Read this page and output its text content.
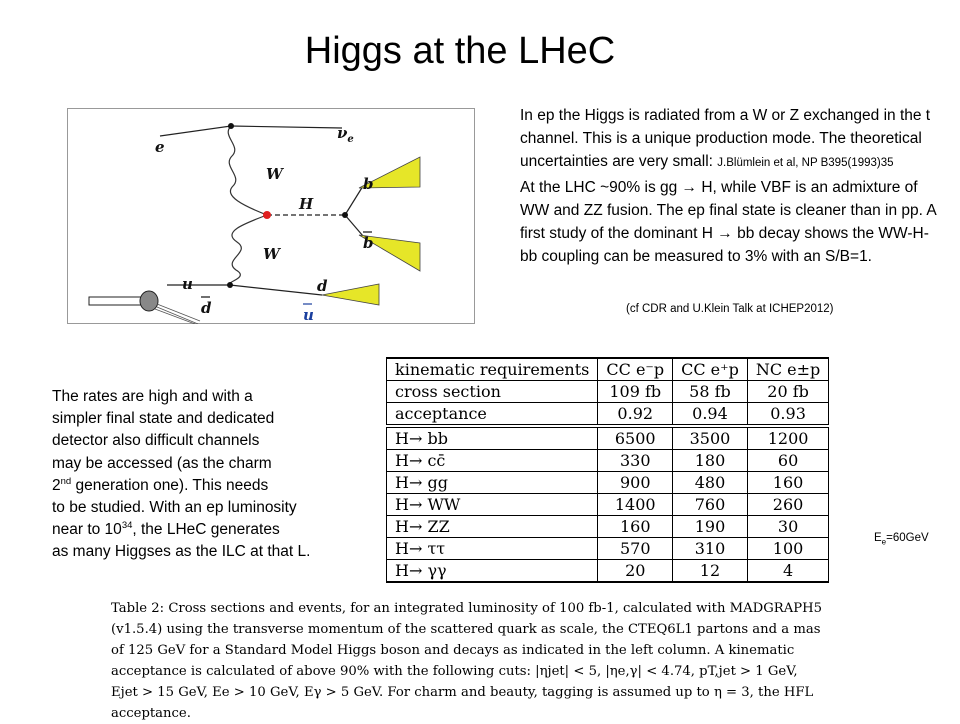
Higgs at the LHeC
e
$\nu_e$
W
H
W
b
b
u
d
d
u
In ep the Higgs is radiated from a W or Z exchanged in the t channel. This is a unique production mode. The theoretical uncertainties are very small: J.Blümlein et al, NP B395(1993)35
At the LHC ~90% is gg → H, while VBF is an admixture of WW and ZZ fusion. The ep final state is cleaner than in pp. A first study of the dominant H → bb decay shows the WW-H-bb coupling can be measured to 3% with an S/B=1.
(cf CDR and U.Klein Talk at ICHEP2012)
The rates are high and with a
simpler final state and dedicated
detector also difficult channels
may be accessed (as the charm
2nd generation one). This needs
to be studied. With an ep luminosity
near to $10^{34}$, the LHeC generates
as many Higgses as the ILC at that L.
kinematic requirements	CC e⁻p	CC e⁺p	NC e±p
cross section	109 fb	58 fb	20 fb
acceptance	0.92	0.94	0.93
H→ bb	6500	3500	1200
H→ cc̄	330	180	60
H→ gg	900	480	160
H→ WW	1400	760	260
H→ ZZ	160	190	30
H→ ττ	570	310	100
H→ γγ	20	12	4
$E_e=60GeV$
Table 2: Cross sections and events, for an integrated luminosity of 100 fb-1, calculated with MADGRAPH5
(v1.5.4) using the transverse momentum of the scattered quark as scale, the CTEQ6L1 partons and a mas
of 125 GeV for a Standard Model Higgs boson and decays as indicated in the left column. A kinematic
acceptance is calculated of above 90% with the following cuts: |ηjet| < 5, |ηe,γ| < 4.74, pT,jet > 1 GeV,
Ejet > 15 GeV, Ee > 10 GeV, Eγ > 5 GeV. For charm and beauty, tagging is assumed up to η = 3, the HFL
acceptance.
